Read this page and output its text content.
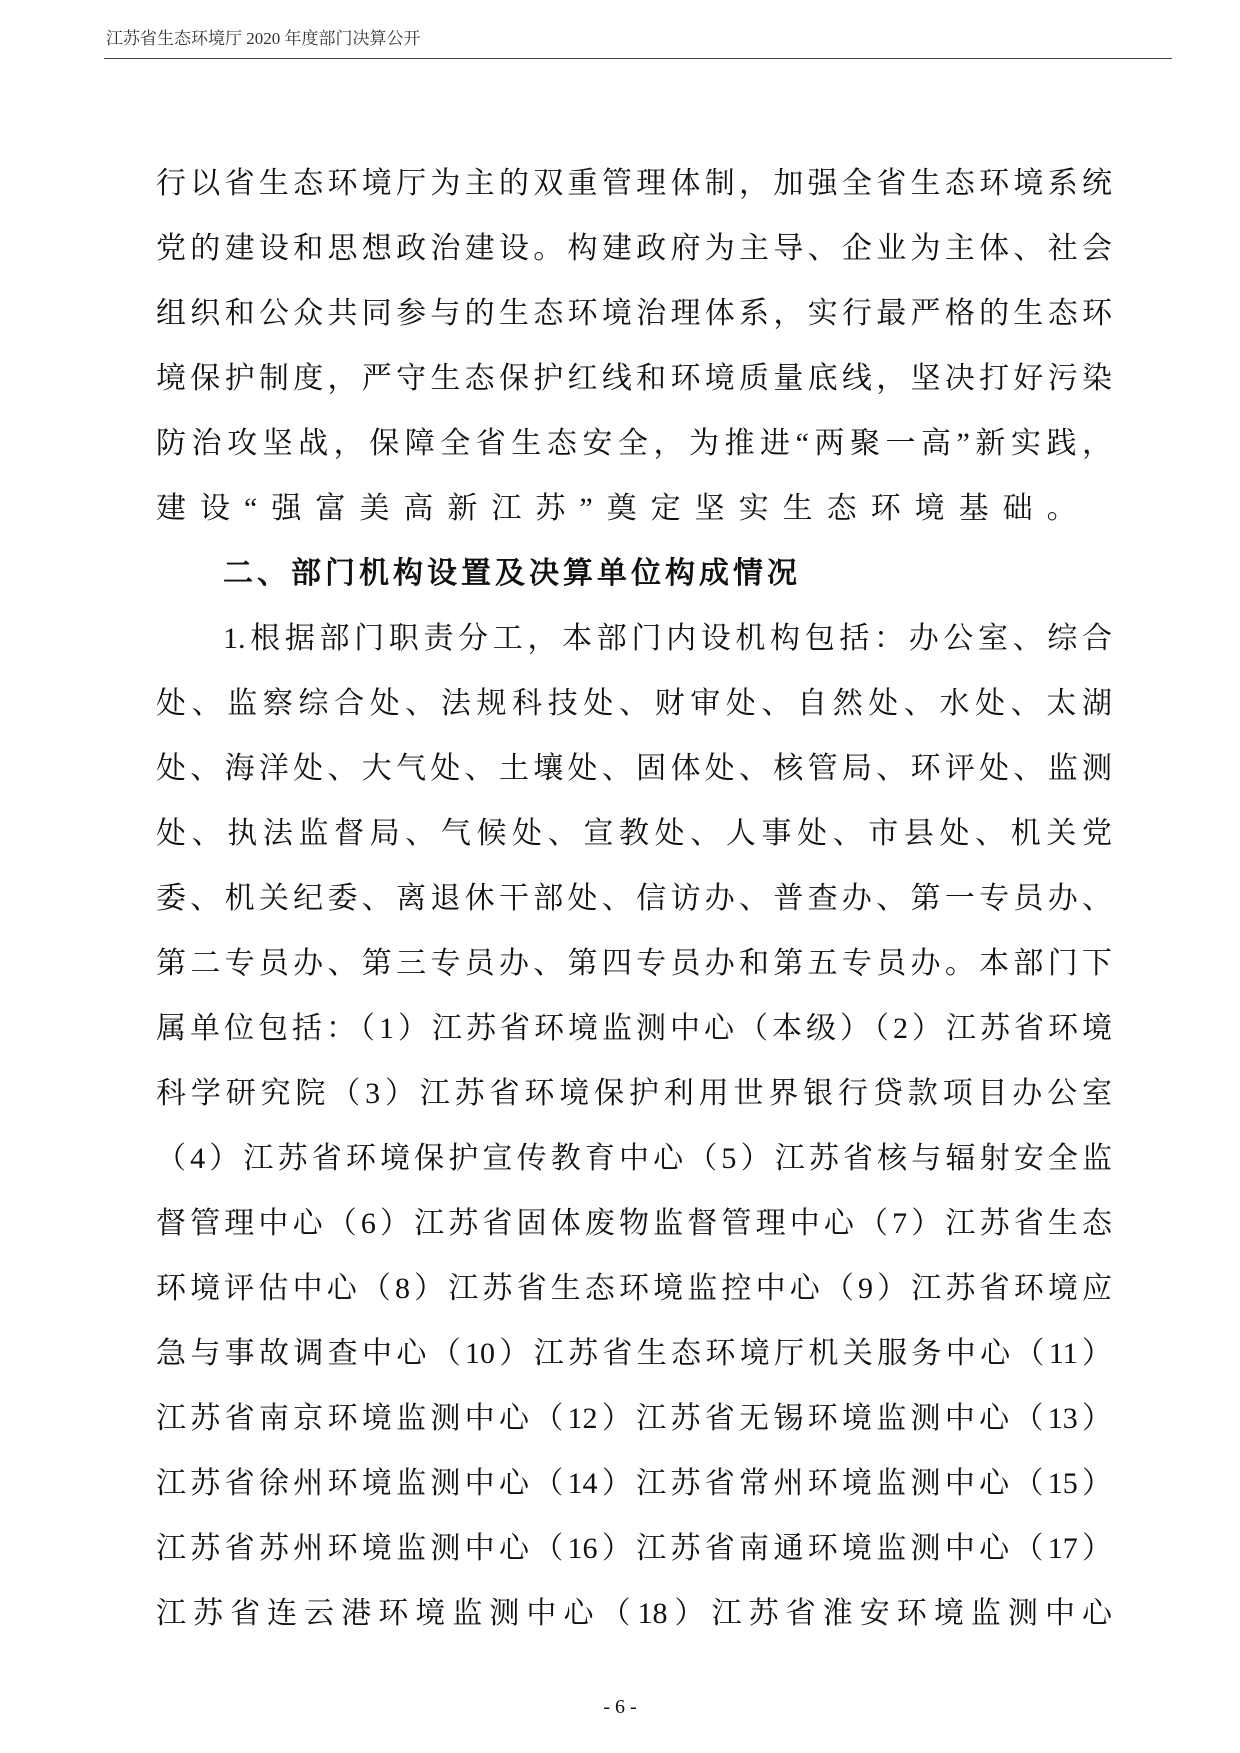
江苏省生态环境厅 2020 年度部门决算公开
行以省生态环境厅为主的双重管理体制，加强全省生态环境系统
党的建设和思想政治建设。构建政府为主导、企业为主体、社会
组织和公众共同参与的生态环境治理体系，实行最严格的生态环
境保护制度，严守生态保护红线和环境质量底线，坚决打好污染
防治攻坚战，保障全省生态安全，为推进“两聚一高”新实践，
建设“强富美高新江苏”奠定坚实生态环境基础。
二、部门机构设置及决算单位构成情况
1.根据部门职责分工，本部门内设机构包括：办公室、综合
处、监察综合处、法规科技处、财审处、自然处、水处、太湖
处、海洋处、大气处、土壤处、固体处、核管局、环评处、监测
处、执法监督局、气候处、宣教处、人事处、市县处、机关党
委、机关纪委、离退休干部处、信访办、普查办、第一专员办、
第二专员办、第三专员办、第四专员办和第五专员办。本部门下
属单位包括：（1）江苏省环境监测中心（本级）（2）江苏省环境
科学研究院（3）江苏省环境保护利用世界银行贷款项目办公室
（4）江苏省环境保护宣传教育中心（5）江苏省核与辐射安全监
督管理中心（6）江苏省固体废物监督管理中心（7）江苏省生态
环境评估中心（8）江苏省生态环境监控中心（9）江苏省环境应
急与事故调查中心（10）江苏省生态环境厅机关服务中心（11）
江苏省南京环境监测中心（12）江苏省无锡环境监测中心（13）
江苏省徐州环境监测中心（14）江苏省常州环境监测中心（15）
江苏省苏州环境监测中心（16）江苏省南通环境监测中心（17）
江苏省连云港环境监测中心（18）江苏省淮安环境监测中心
- 6 -
